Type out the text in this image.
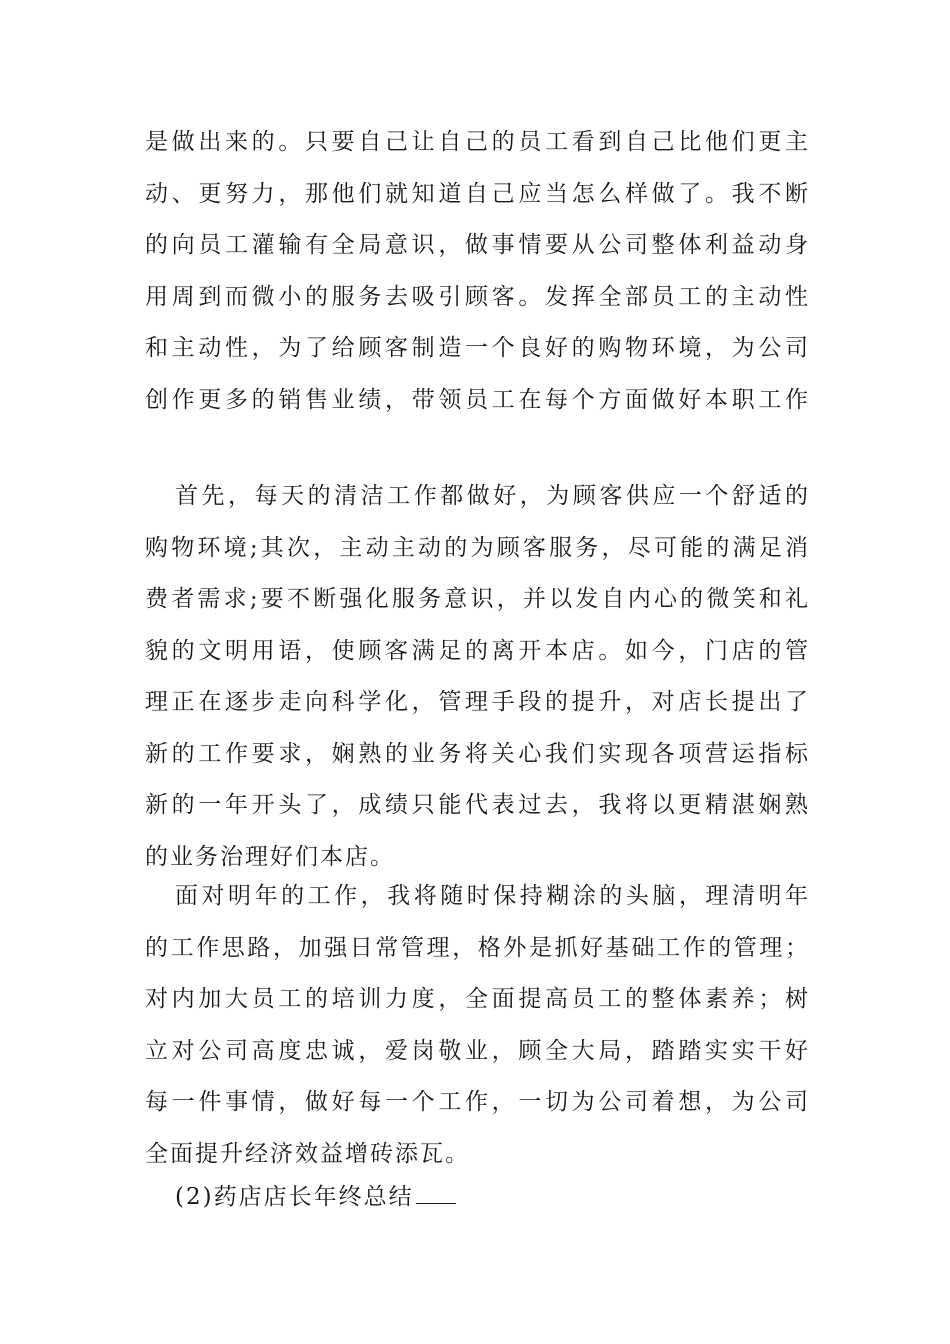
是做出来的。只要自己让自己的员工看到自己比他们更主
动、更努力，那他们就知道自己应当怎么样做了。我不断
的向员工灌输有全局意识，做事情要从公司整体利益动身
用周到而微小的服务去吸引顾客。发挥全部员工的主动性
和主动性，为了给顾客制造一个良好的购物环境，为公司
创作更多的销售业绩，带领员工在每个方面做好本职工作
首先，每天的清洁工作都做好，为顾客供应一个舒适的
购物环境;其次，主动主动的为顾客服务，尽可能的满足消
费者需求;要不断强化服务意识，并以发自内心的微笑和礼
貌的文明用语，使顾客满足的离开本店。如今，门店的管
理正在逐步走向科学化，管理手段的提升，对店长提出了
新的工作要求，娴熟的业务将关心我们实现各项营运指标
新的一年开头了，成绩只能代表过去，我将以更精湛娴熟
的业务治理好们本店。
面对明年的工作，我将随时保持糊涂的头脑，理清明年
的工作思路，加强日常管理，格外是抓好基础工作的管理；
对内加大员工的培训力度，全面提高员工的整体素养；树
立对公司高度忠诚，爱岗敬业，顾全大局，踏踏实实干好
每一件事情，做好每一个工作，一切为公司着想，为公司
全面提升经济效益增砖添瓦。
(2)药店店长年终总结
